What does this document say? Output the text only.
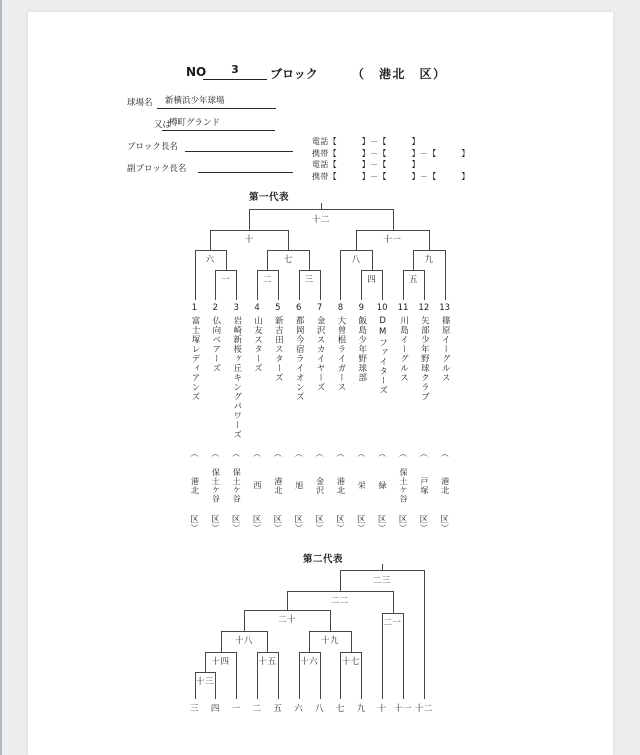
NO	3	ブロック	（　港北　区）
球場名	新横浜少年球場
又は
樽町グランド
ブロック長名
副ブロック長名
第一代表
第二代表
電話【　　　】－【　　　】
携帯【　　　】－【　　　】－【　　　】
電話【　　　】－【　　　】
携帯【　　　】－【　　　】－【　　　】
一	二	三	四	五
六	七	八	九
十	十一
十二
1
富士塚レディアンズ
︵
港北
区
︶
2
仏向ベアーズ
︵
保土ケ谷
区
︶
3
岩崎新桜ヶ丘キングパワーズ
︵
保土ケ谷
区
︶
4
山友スターズ
︵
西
区
︶
5
新吉田スターズ
︵
港北
区
︶
6
都岡今宿ライオンズ
︵
旭
区
︶
7
金沢スカイヤーズ
︵
金沢
区
︶
8
大曽根ライガース
︵
港北
区
︶
9
飯島少年野球部
︵
栄
区
︶
10
DMファイターズ
︵
緑
区
︶
11
川島イーグルス
︵
保土ケ谷
区
︶
12
矢部少年野球クラブ
︵
戸塚
区
︶
13
篠原イーグルス
︵
港北
区
︶
十三
十四	十五	十六	十七
十八	十九
二十	二一
二二
二三
三 四 一 二 五 六 八 七 九 十 十一 十二
